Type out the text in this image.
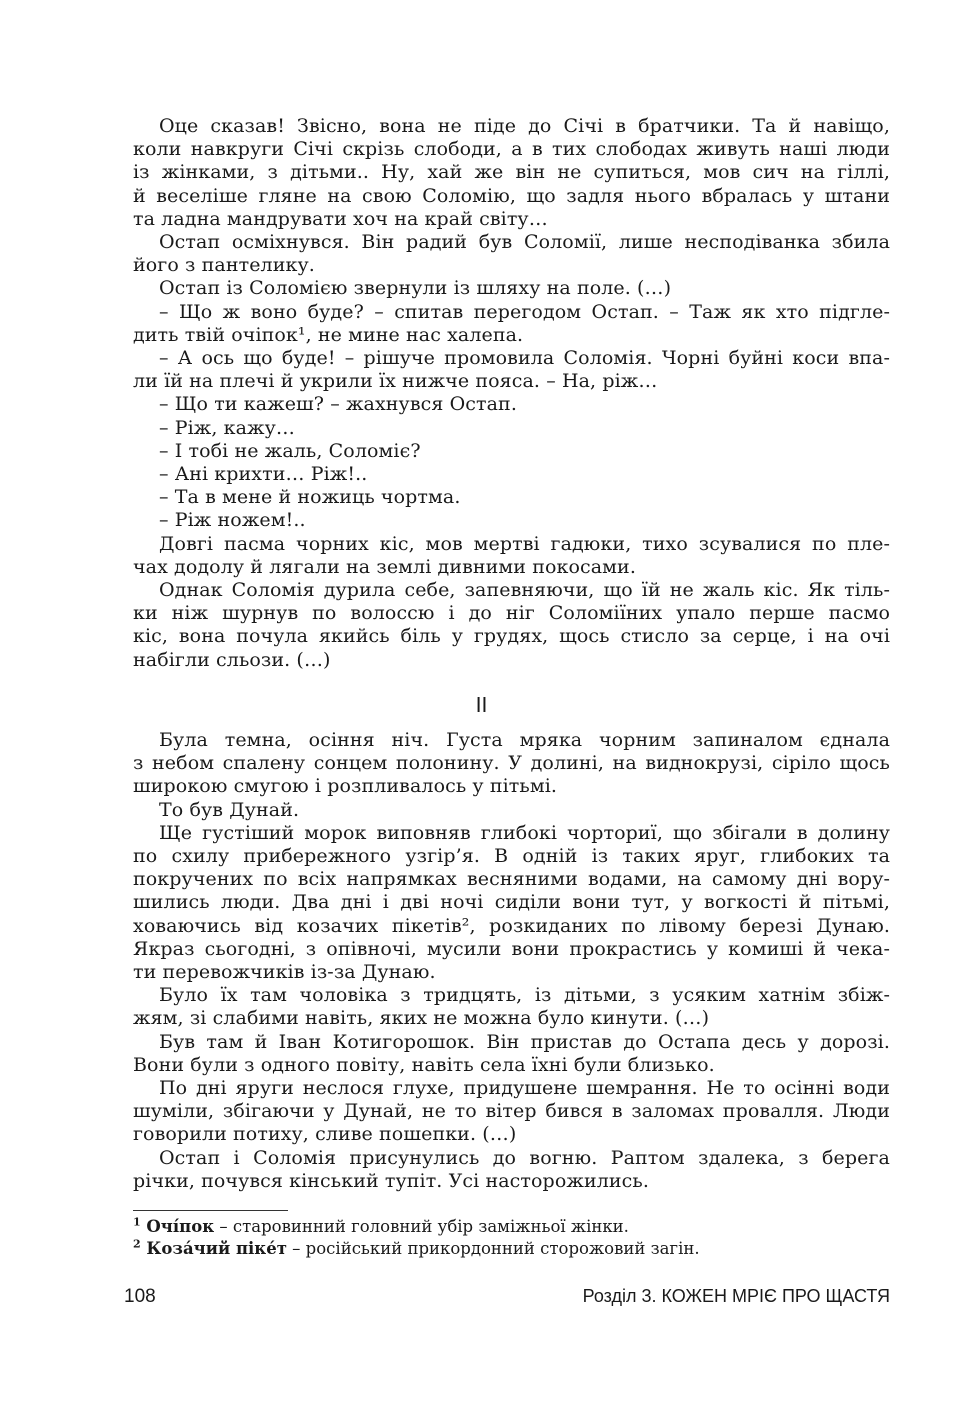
Оце сказав! Звісно, вона не піде до Січі в братчики. Та й навіщо,
коли навкруги Січі скрізь слободи, а в тих слободах живуть наші люди
із жінками, з дітьми.. Ну, хай же він не супиться, мов сич на гіллі,
й веселіше гляне на свою Соломію, що задля нього вбралась у штани
та ладна мандрувати хоч на край світу…
Остап осміхнувся. Він радий був Соломії, лише несподіванка збила
його з пантелику.
Остап із Соломією звернули із шляху на поле. (…)
– Що ж воно буде? – спитав перегодом Остап. – Таж як хто підгле-
дить твій очіпок¹, не мине нас халепа.
– А ось що буде! – рішуче промовила Соломія. Чорні буйні коси впа-
ли їй на плечі й укрили їх нижче пояса. – На, ріж…
– Що ти кажеш? – жахнувся Остап.
– Ріж, кажу…
– І тобі не жаль, Соломіє?
– Ані крихти… Ріж!..
– Та в мене й ножиць чортма.
– Ріж ножем!..
Довгі пасма чорних кіс, мов мертві гадюки, тихо зсувалися по пле-
чах додолу й лягали на землі дивними покосами.
Однак Соломія дурила себе, запевняючи, що їй не жаль кіс. Як тіль-
ки ніж шурнув по волоссю і до ніг Соломіїних упало перше пасмо
кіс, вона почула якийсь біль у грудях, щось стисло за серце, і на очі
набігли сльози. (…)
Була темна, осіння ніч. Густа мряка чорним запиналом єднала
з небом спалену сонцем полонину. У долині, на виднокрузі, сіріло щось
широкою смугою і розпливалось у пітьмі.
То був Дунай.
Ще густіший морок виповняв глибокі чорториї, що збігали в долину
по схилу прибережного узгір’я. В одній із таких яруг, глибоких та
покручених по всіх напрямках весняними водами, на самому дні вору-
шились люди. Два дні і дві ночі сиділи вони тут, у вогкості й пітьмі,
ховаючись від козачих пікетів², розкиданих по лівому березі Дунаю.
Якраз сьогодні, з опівночі, мусили вони прокрастись у комиші й чека-
ти перевожчиків із-за Дунаю.
Було їх там чоловіка з тридцять, із дітьми, з усяким хатнім збіж-
жям, зі слабими навіть, яких не можна було кинути. (…)
Був там й Іван Котигорошок. Він пристав до Остапа десь у дорозі.
Вони були з одного повіту, навіть села їхні були близько.
По дні яруги неслося глухе, придушене шемрання. Не то осінні води
шуміли, збігаючи у Дунай, не то вітер бився в заломах провалля. Люди
говорили потиху, сливе пошепки. (…)
Остап і Соломія присунулись до вогню. Раптом здалека, з берега
річки, почувся кінський тупіт. Усі насторожились.
II
$^1$ Очі́пок – старовинний головний убір заміжньої жінки.
$^2$ Коза́чий піке́т – російський прикордонний сторожовий загін.
108	Розділ 3. КОЖЕН МРІЄ ПРО ЩАСТЯ
